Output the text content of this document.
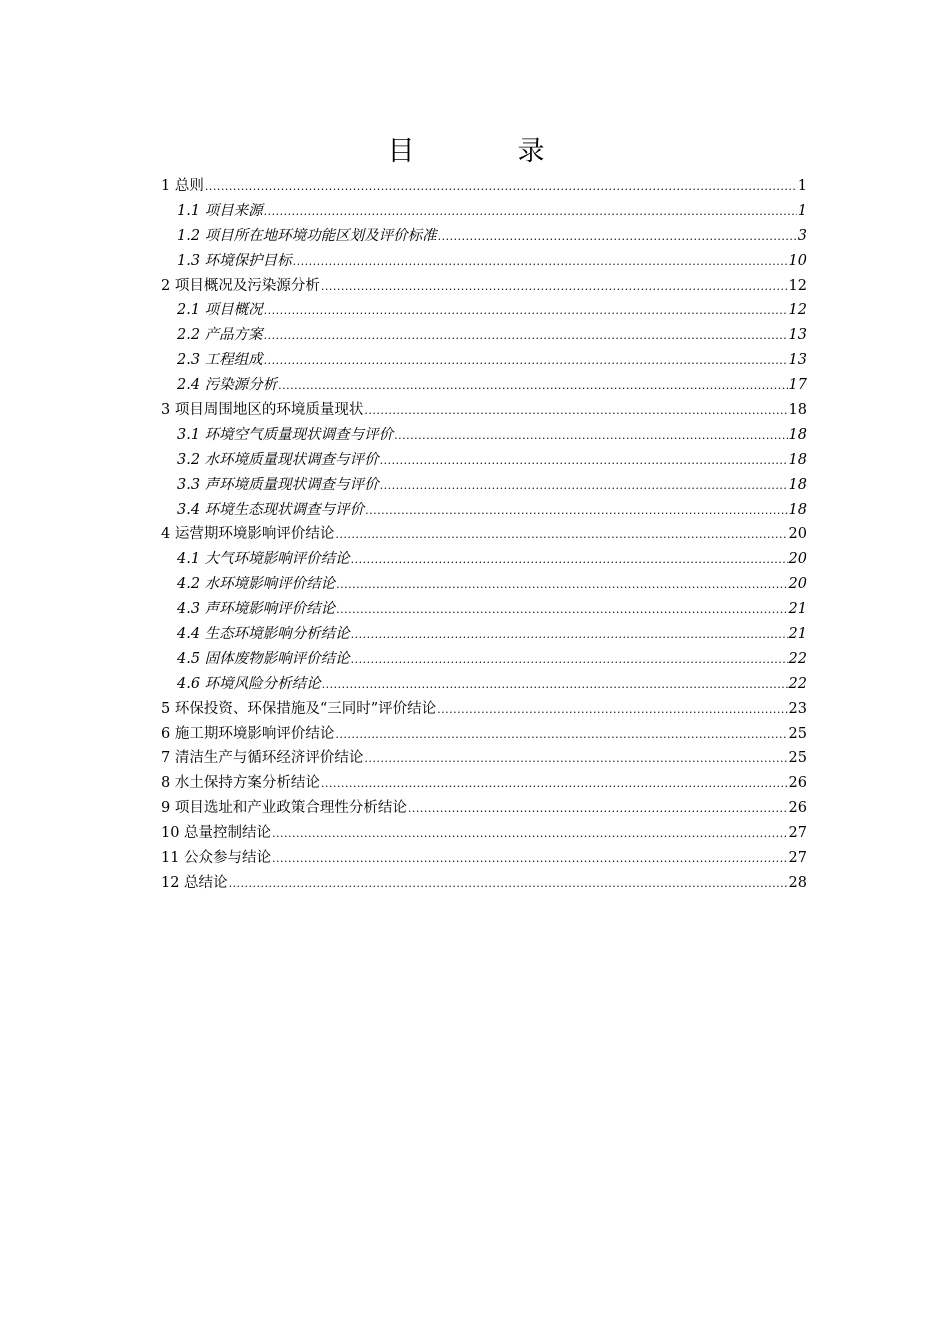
目　录
1 总则 .....	1
1.1 项目来源 .....	1
1.2 项目所在地环境功能区划及评价标准 .....	3
1.3 环境保护目标 .....	10
2 项目概况及污染源分析 .....	12
2.1 项目概况 .....	12
2.2 产品方案 .....	13
2.3 工程组成 .....	13
2.4 污染源分析 .....	17
3 项目周围地区的环境质量现状 .....	18
3.1 环境空气质量现状调查与评价 .....	18
3.2 水环境质量现状调查与评价 .....	18
3.3 声环境质量现状调查与评价 .....	18
3.4 环境生态现状调查与评价 .....	18
4 运营期环境影响评价结论 .....	20
4.1 大气环境影响评价结论 .....	20
4.2 水环境影响评价结论 .....	20
4.3 声环境影响评价结论 .....	21
4.4 生态环境影响分析结论 .....	21
4.5 固体废物影响评价结论 .....	22
4.6 环境风险分析结论 .....	22
5 环保投资、环保措施及“三同时”评价结论 .....	23
6 施工期环境影响评价结论 .....	25
7 清洁生产与循环经济评价结论 .....	25
8 水土保持方案分析结论 .....	26
9 项目选址和产业政策合理性分析结论 .....	26
10 总量控制结论 .....	27
11 公众参与结论 .....	27
12 总结论 .....	28
